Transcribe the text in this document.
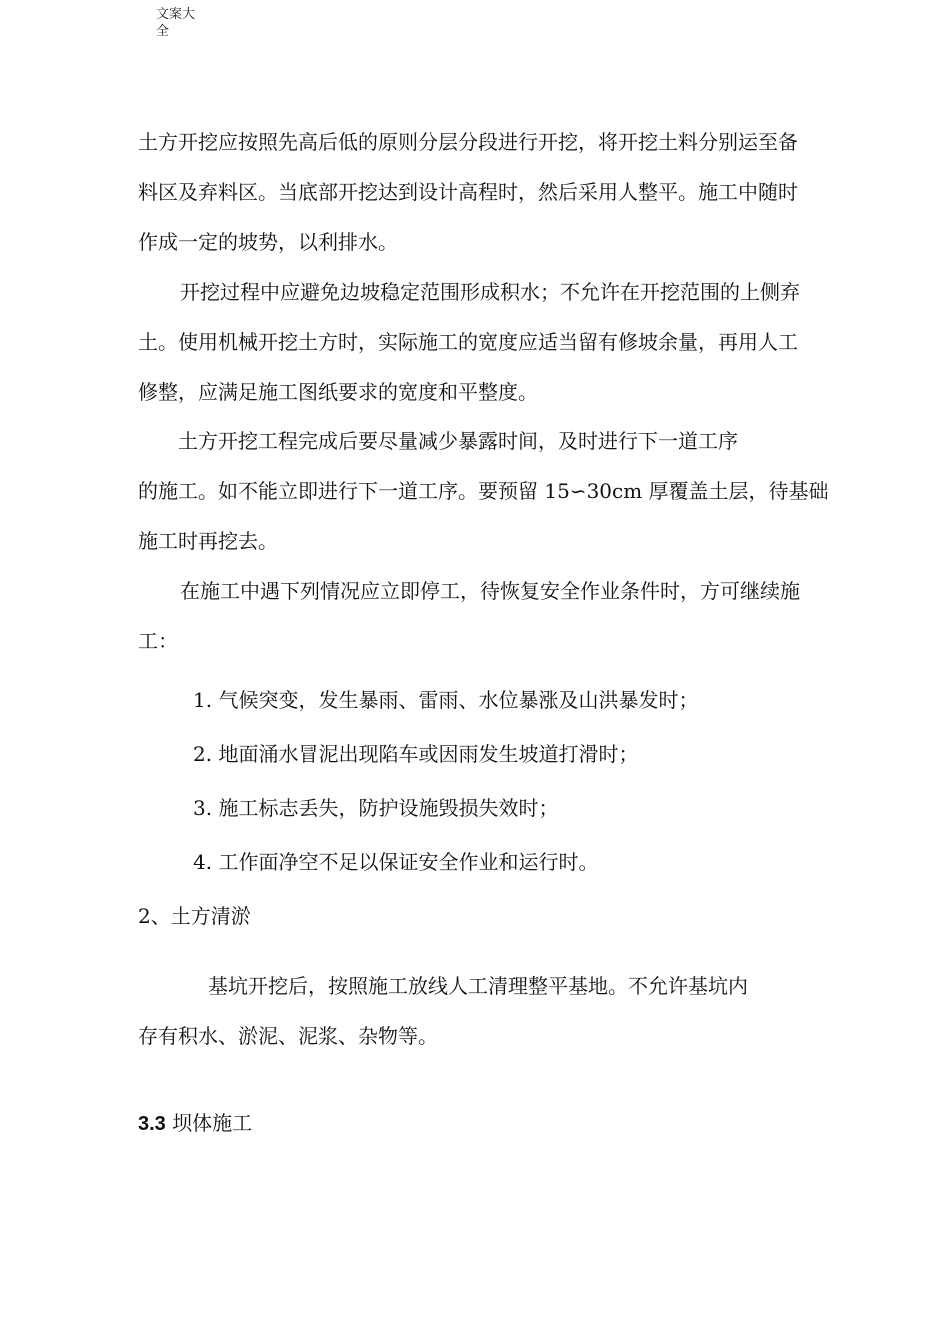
文案大全

土方开挖应按照先高后低的原则分层分段进行开挖，将开挖土料分别运至备

料区及弃料区。当底部开挖达到设计高程时，然后采用人整平。施工中随时

作成一定的坡势，以利排水。

开挖过程中应避免边坡稳定范围形成积水；不允许在开挖范围的上侧弃

土。使用机械开挖土方时，实际施工的宽度应适当留有修坡余量，再用人工

修整，应满足施工图纸要求的宽度和平整度。

土方开挖工程完成后要尽量减少暴露时间，及时进行下一道工序

的施工。如不能立即进行下一道工序。要预留 15∽30cm 厚覆盖土层，待基础

施工时再挖去。

在施工中遇下列情况应立即停工，待恢复安全作业条件时，方可继续施

工：

1. 气候突变，发生暴雨、雷雨、水位暴涨及山洪暴发时；

2. 地面涌水冒泥出现陷车或因雨发生坡道打滑时；

3. 施工标志丢失，防护设施毁损失效时；

4. 工作面净空不足以保证安全作业和运行时。

2、土方清淤

基坑开挖后，按照施工放线人工清理整平基地。不允许基坑内

存有积水、淤泥、泥浆、杂物等。

3.3 坝体施工
